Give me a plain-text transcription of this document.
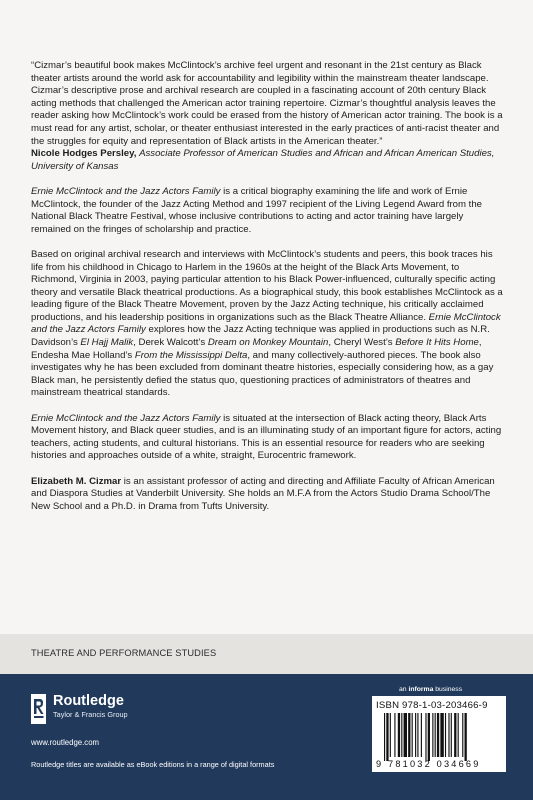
“Cizmar’s beautiful book makes McClintock’s archive feel urgent and resonant in the 21st century as Black theater artists around the world ask for accountability and legibility within the mainstream theater landscape. Cizmar’s descriptive prose and archival research are coupled in a fascinating account of 20th century Black acting methods that challenged the American actor training repertoire. Cizmar’s thoughtful analysis leaves the reader asking how McClintock’s work could be erased from the history of American actor training. The book is a must read for any artist, scholar, or theater enthusiast interested in the early practices of anti-racist theater and the struggles for equity and representation of Black artists in the American theater.”
Nicole Hodges Persley, Associate Professor of American Studies and African and African American Studies, University of Kansas

Ernie McClintock and the Jazz Actors Family is a critical biography examining the life and work of Ernie McClintock, the founder of the Jazz Acting Method and 1997 recipient of the Living Legend Award from the National Black Theatre Festival, whose inclusive contributions to acting and actor training have largely remained on the fringes of scholarship and practice.

Based on original archival research and interviews with McClintock’s students and peers, this book traces his life from his childhood in Chicago to Harlem in the 1960s at the height of the Black Arts Movement, to Richmond, Virginia in 2003, paying particular attention to his Black Power-influenced, culturally specific acting theory and versatile Black theatrical productions. As a biographical study, this book establishes McClintock as a leading figure of the Black Theatre Movement, proven by the Jazz Acting technique, his critically acclaimed productions, and his leadership positions in organizations such as the Black Theatre Alliance. Ernie McClintock and the Jazz Actors Family explores how the Jazz Acting technique was applied in productions such as N.R. Davidson’s El Hajj Malik, Derek Walcott’s Dream on Monkey Mountain, Cheryl West’s Before It Hits Home, Endesha Mae Holland’s From the Mississippi Delta, and many collectively-authored pieces. The book also investigates why he has been excluded from dominant theatre histories, especially considering how, as a gay Black man, he persistently defied the status quo, questioning practices of administrators of theatres and mainstream theatrical standards.

Ernie McClintock and the Jazz Actors Family is situated at the intersection of Black acting theory, Black Arts Movement history, and Black queer studies, and is an illuminating study of an important figure for actors, acting teachers, acting students, and cultural historians. This is an essential resource for readers who are seeking histories and approaches outside of a white, straight, Eurocentric framework.

Elizabeth M. Cizmar is an assistant professor of acting and directing and Affiliate Faculty of African American and Diaspora Studies at Vanderbilt University. She holds an M.F.A from the Actors Studio Drama School/The New School and a Ph.D. in Drama from Tufts University.

THEATRE AND PERFORMANCE STUDIES
Routledge
Taylor & Francis Group
www.routledge.com
Routledge titles are available as eBook editions in a range of digital formats
an informa business
ISBN 978-1-03-203466-9
9 781032 034669
